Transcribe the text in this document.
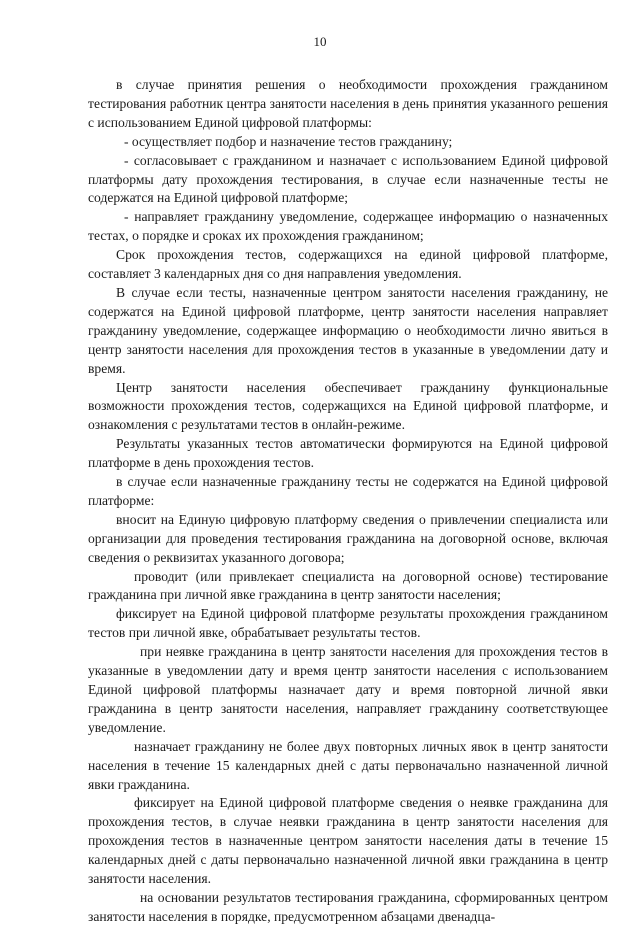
10

в случае принятия решения о необходимости прохождения гражданином тестирования работник центра занятости населения в день принятия указанного решения с использованием Единой цифровой платформы:

- осуществляет подбор и назначение тестов гражданину;

- согласовывает с гражданином и назначает с использованием Единой цифровой платформы дату прохождения тестирования, в случае если назначенные тесты не содержатся на Единой цифровой платформе;

- направляет гражданину уведомление, содержащее информацию о назначенных тестах, о порядке и сроках их прохождения гражданином;

Срок прохождения тестов, содержащихся на единой цифровой платформе, составляет 3 календарных дня со дня направления уведомления.

В случае если тесты, назначенные центром занятости населения гражданину, не содержатся на Единой цифровой платформе, центр занятости населения направляет гражданину уведомление, содержащее информацию о необходимости лично явиться в центр занятости населения для прохождения тестов в указанные в уведомлении дату и время.

Центр занятости населения обеспечивает гражданину функциональные возможности прохождения тестов, содержащихся на Единой цифровой платформе, и ознакомления с результатами тестов в онлайн-режиме.

Результаты указанных тестов автоматически формируются на Единой цифровой платформе в день прохождения тестов.

в случае если назначенные гражданину тесты не содержатся на Единой цифровой платформе:

вносит на Единую цифровую платформу сведения о привлечении специалиста или организации для проведения тестирования гражданина на договорной основе, включая сведения о реквизитах указанного договора;

проводит (или привлекает специалиста на договорной основе) тестирование гражданина при личной явке гражданина в центр занятости населения;

фиксирует на Единой цифровой платформе результаты прохождения гражданином тестов при личной явке, обрабатывает результаты тестов.

при неявке гражданина в центр занятости населения для прохождения тестов в указанные в уведомлении дату и время центр занятости населения с использованием Единой цифровой платформы назначает дату и время повторной личной явки гражданина в центр занятости населения, направляет гражданину соответствующее уведомление.

назначает гражданину не более двух повторных личных явок в центр занятости населения в течение 15 календарных дней с даты первоначально назначенной личной явки гражданина.

фиксирует на Единой цифровой платформе сведения о неявке гражданина для прохождения тестов, в случае неявки гражданина в центр занятости населения для прохождения тестов в назначенные центром занятости населения даты в течение 15 календарных дней с даты первоначально назначенной личной явки гражданина в центр занятости населения.

на основании результатов тестирования гражданина, сформированных центром занятости населения в порядке, предусмотренном абзацами двенадца-
